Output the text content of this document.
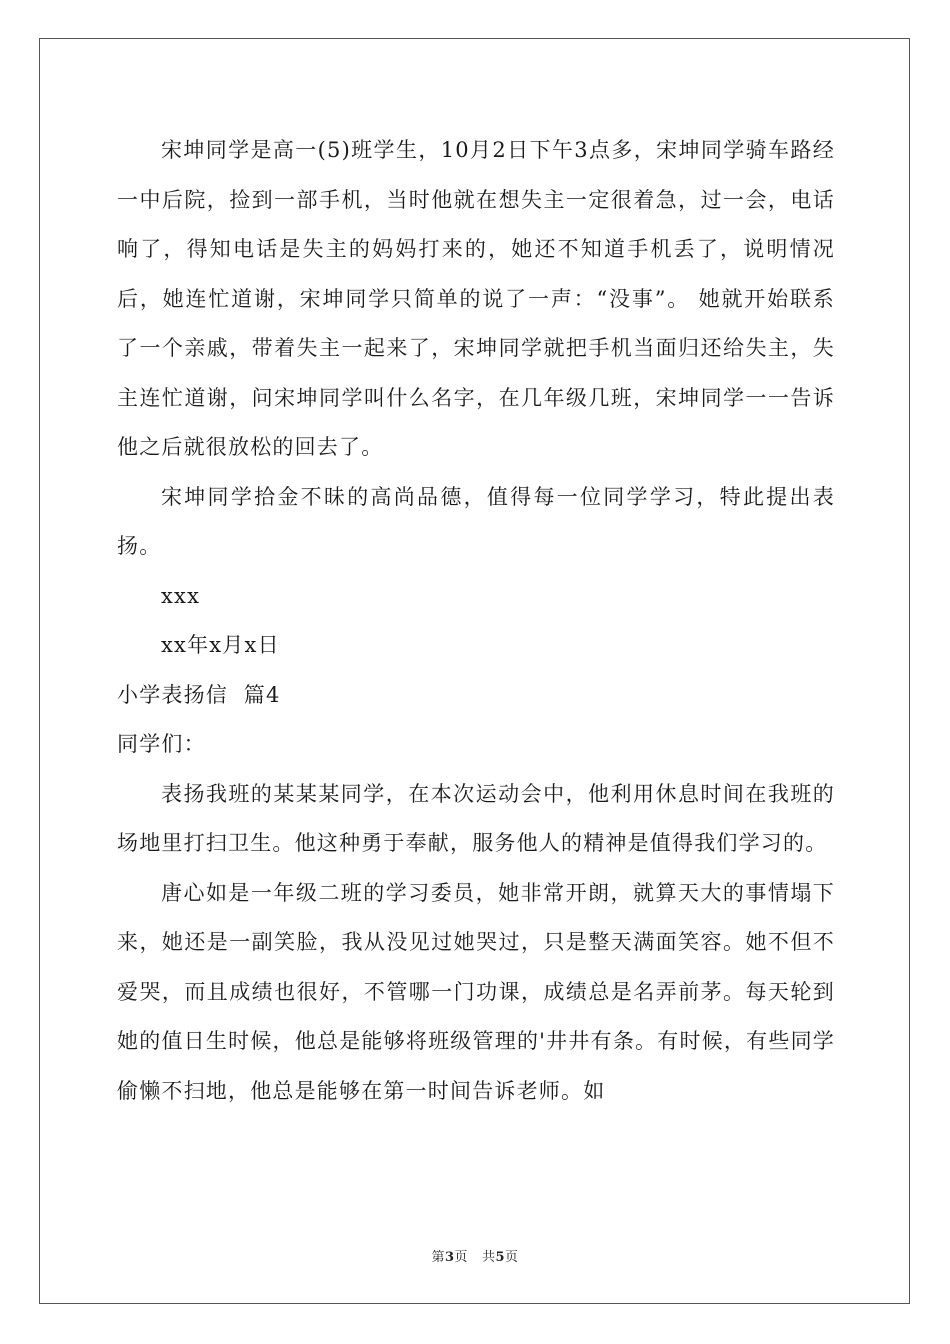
宋坤同学是高一(5)班学生，10月2日下午3点多，宋坤同学骑车路经一中后院，捡到一部手机，当时他就在想失主一定很着急，过一会，电话响了，得知电话是失主的妈妈打来的，她还不知道手机丢了，说明情况后，她连忙道谢，宋坤同学只简单的说了一声：“没事”。 她就开始联系了一个亲戚，带着失主一起来了，宋坤同学就把手机当面归还给失主，失主连忙道谢，问宋坤同学叫什么名字，在几年级几班，宋坤同学一一告诉他之后就很放松的回去了。

宋坤同学拾金不昧的高尚品德，值得每一位同学学习，特此提出表扬。

xxx

xx年x月x日

小学表扬信  篇4

同学们：

表扬我班的某某某同学，在本次运动会中，他利用休息时间在我班的场地里打扫卫生。他这种勇于奉献，服务他人的精神是值得我们学习的。

唐心如是一年级二班的学习委员，她非常开朗，就算天大的事情塌下来，她还是一副笑脸，我从没见过她哭过，只是整天满面笑容。她不但不爱哭，而且成绩也很好，不管哪一门功课，成绩总是名弄前茅。每天轮到她的值日生时候，他总是能够将班级管理的'井井有条。有时候，有些同学偷懒不扫地，他总是能够在第一时间告诉老师。如

第3页 共5页
